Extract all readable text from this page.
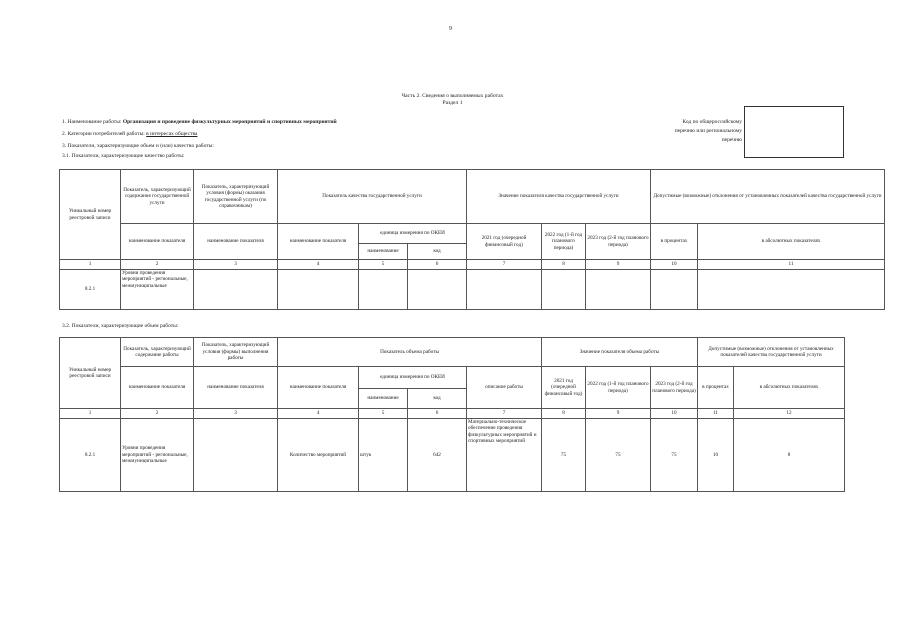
9
Часть 2. Сведения о выполняемых работах
Раздел 1
1. Наименование работы: Организация и проведение физкультурных мероприятий и спортивных мероприятий
2. Категории потребителей работы: в интересах общества
3. Показатели, характеризующие объем и (или) качество работы:
3.1. Показатели, характеризующие качество работы:
Код по общероссийскому
перечню или региональному
перечню
Уникальный номер реестровой записи	Показатель, характеризующий содержание государственной услуги	Показатель, характеризующий условия (формы) оказания государственной услуги (по справочникам)	Показатель качества государственной услуги			Значение показателя качества государственной услуги			Допустимые (возможные) отклонения от установленных показателей качества государственной услуги	
	наименование показателя	наименование показателя	наименование показателя	единица измерения по ОКЕИ		2021 год (очередной финансовый год)	2022 год (1-й год планового периода)	2023 год (2-й год планового периода)	в процентах	в абсолютных показателях
				наименование	код					
1	2	3	4	5	6	7	8	9	10	11
8.2.1	Уровни проведения мероприятий - региональные, межмуниципальные									
3.2. Показатели, характеризующие объем работы:
Уникальный номер реестровой записи	Показатель, характеризующий содержание работы	Показатель, характеризующий условия (формы) выполнения работы	Показатель объема работы				Значение показателя объема работы			Допустимые (возможные) отклонения от установленных показателей качества государственной услуги	
	наименование показателя	наименование показателя	наименование показателя	единица измерения по ОКЕИ		описание работы	2021 год (очередной финансовый год)	2022 год (1-й год планового периода)	2023 год (2-й год планового периода)	в процентах	в абсолютных показателях
				наименование	код						
1	2	3	4	5	6	7	8	9	10	11	12
8.2.1	Уровни проведения мероприятий - региональные, межмуниципальные		Количество мероприятий	штук	642	Материально-техническое обеспечение проведения физкультурных мероприятий и спортивных мероприятий	75	75	75	10	8
